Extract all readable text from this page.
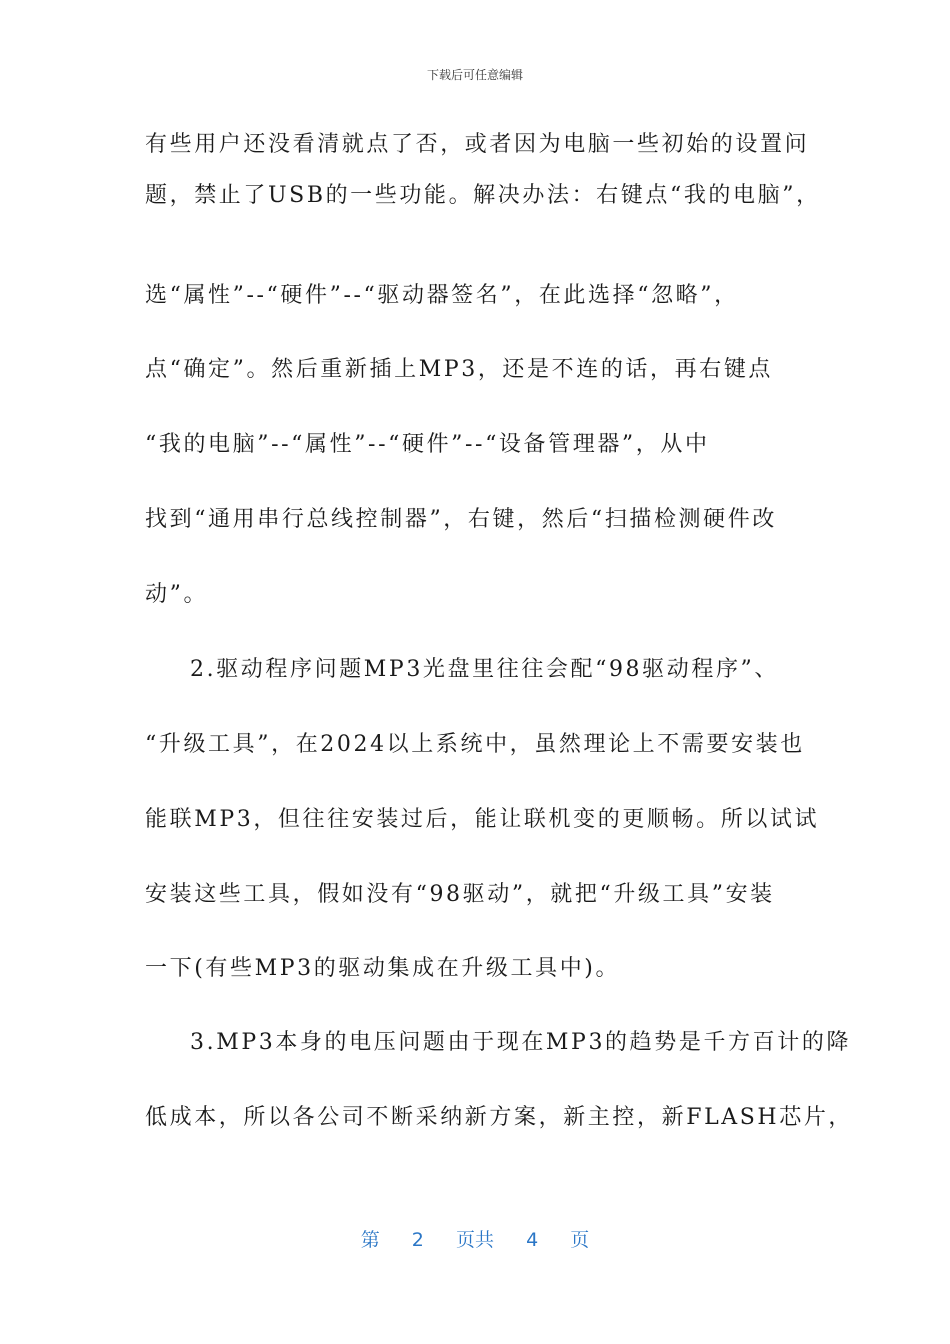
下载后可任意编辑
有些用户还没看清就点了否，或者因为电脑一些初始的设置问
题，禁止了USB的一些功能。解决办法：右键点“我的电脑”，
选“属性”--“硬件”--“驱动器签名”，在此选择“忽略”，
点“确定”。然后重新插上MP3，还是不连的话，再右键点
“我的电脑”--“属性”--“硬件”--“设备管理器”，从中
找到“通用串行总线控制器”，右键，然后“扫描检测硬件改
动”。
2.驱动程序问题MP3光盘里往往会配“98驱动程序”、
“升级工具”，在2024以上系统中，虽然理论上不需要安装也
能联MP3，但往往安装过后，能让联机变的更顺畅。所以试试
安装这些工具，假如没有“98驱动”，就把“升级工具”安装
一下(有些MP3的驱动集成在升级工具中)。
3.MP3本身的电压问题由于现在MP3的趋势是千方百计的降
低成本，所以各公司不断采纳新方案，新主控，新FLASH芯片，
第 2 页共 4 页
